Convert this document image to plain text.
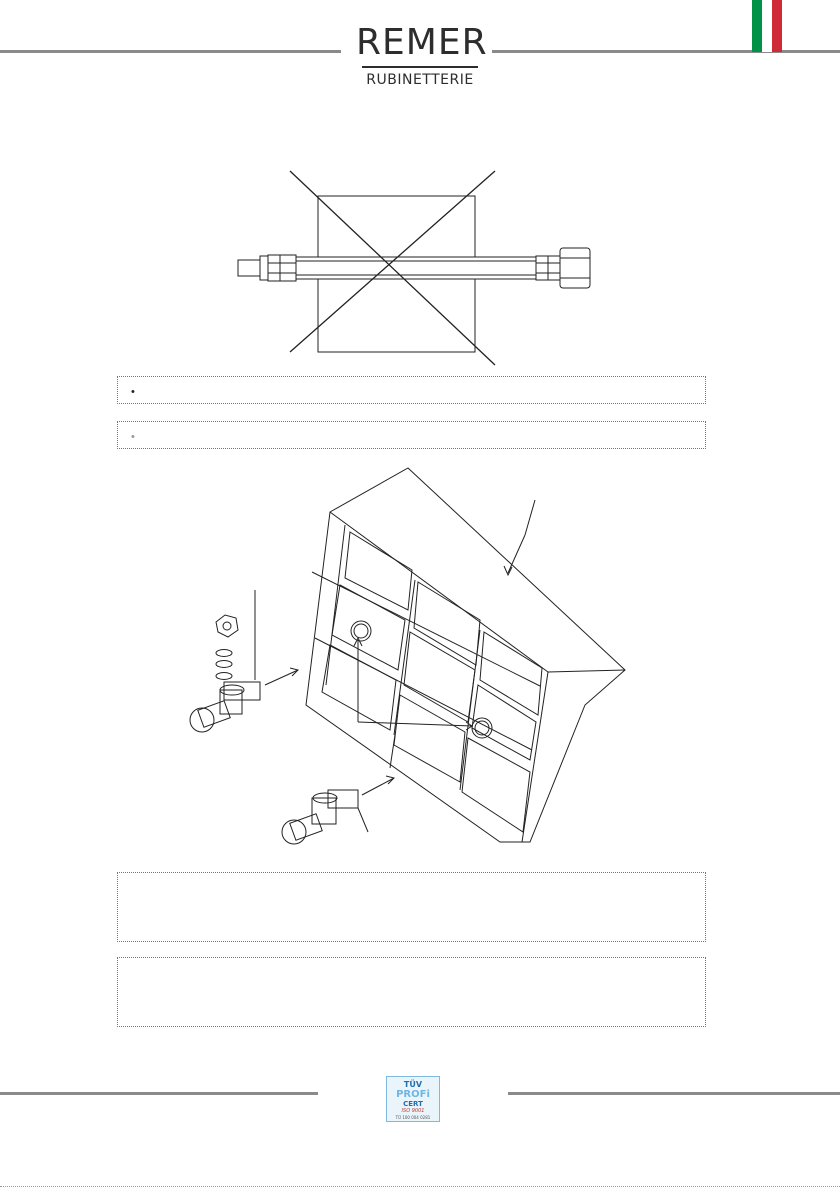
REMER
RUBINETTERIE
•
•
TÜV
PROFi
CERT
ISO 9001
TÜ 100 004 0281
